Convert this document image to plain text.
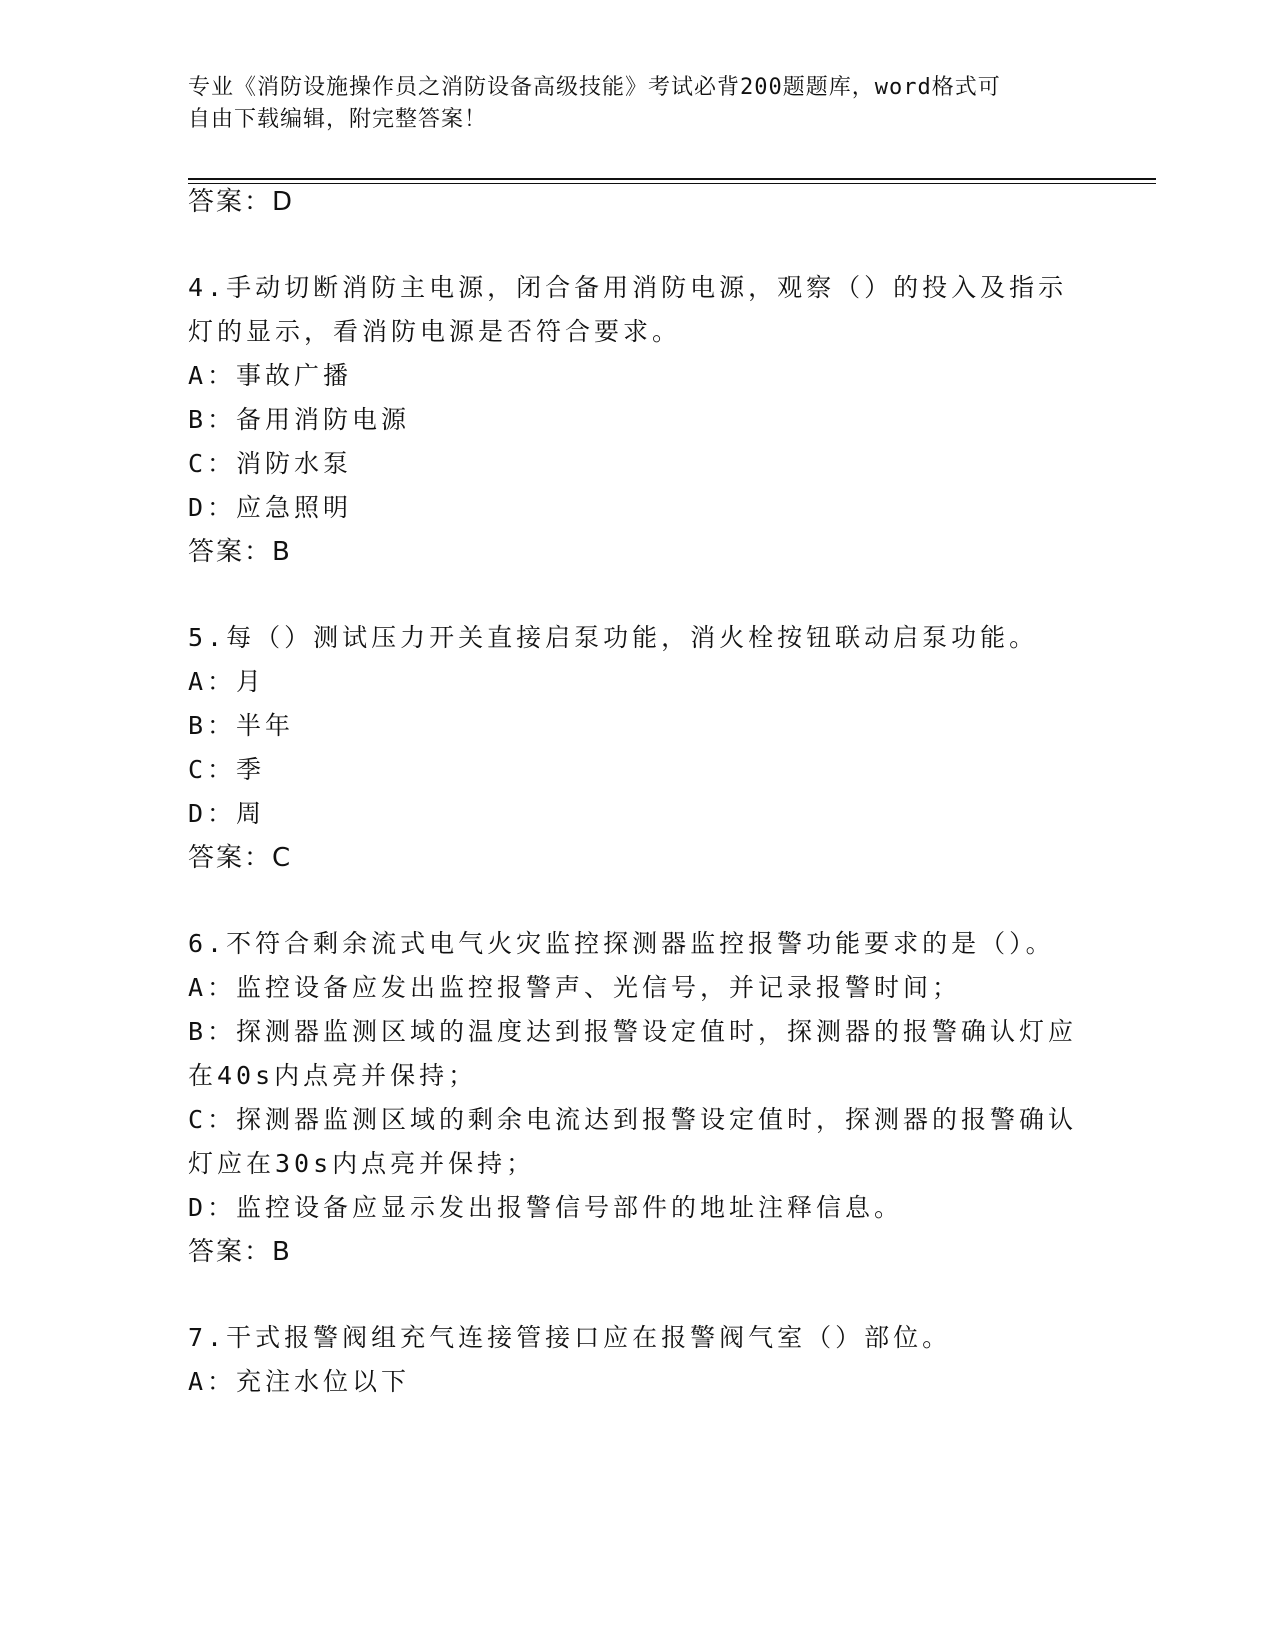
专业《消防设施操作员之消防设备高级技能》考试必背200题题库，word格式可
自由下载编辑，附完整答案！
答案：D
4.手动切断消防主电源，闭合备用消防电源，观察（）的投入及指示
灯的显示，看消防电源是否符合要求。
A：事故广播
B：备用消防电源
C：消防水泵
D：应急照明
答案：B
5.每（）测试压力开关直接启泵功能，消火栓按钮联动启泵功能。
A：月
B：半年
C：季
D：周
答案：C
6.不符合剩余流式电气火灾监控探测器监控报警功能要求的是（）。
A：监控设备应发出监控报警声、光信号，并记录报警时间；
B：探测器监测区域的温度达到报警设定值时，探测器的报警确认灯应
在40s内点亮并保持；
C：探测器监测区域的剩余电流达到报警设定值时，探测器的报警确认
灯应在30s内点亮并保持；
D：监控设备应显示发出报警信号部件的地址注释信息。
答案：B
7.干式报警阀组充气连接管接口应在报警阀气室（）部位。
A：充注水位以下
